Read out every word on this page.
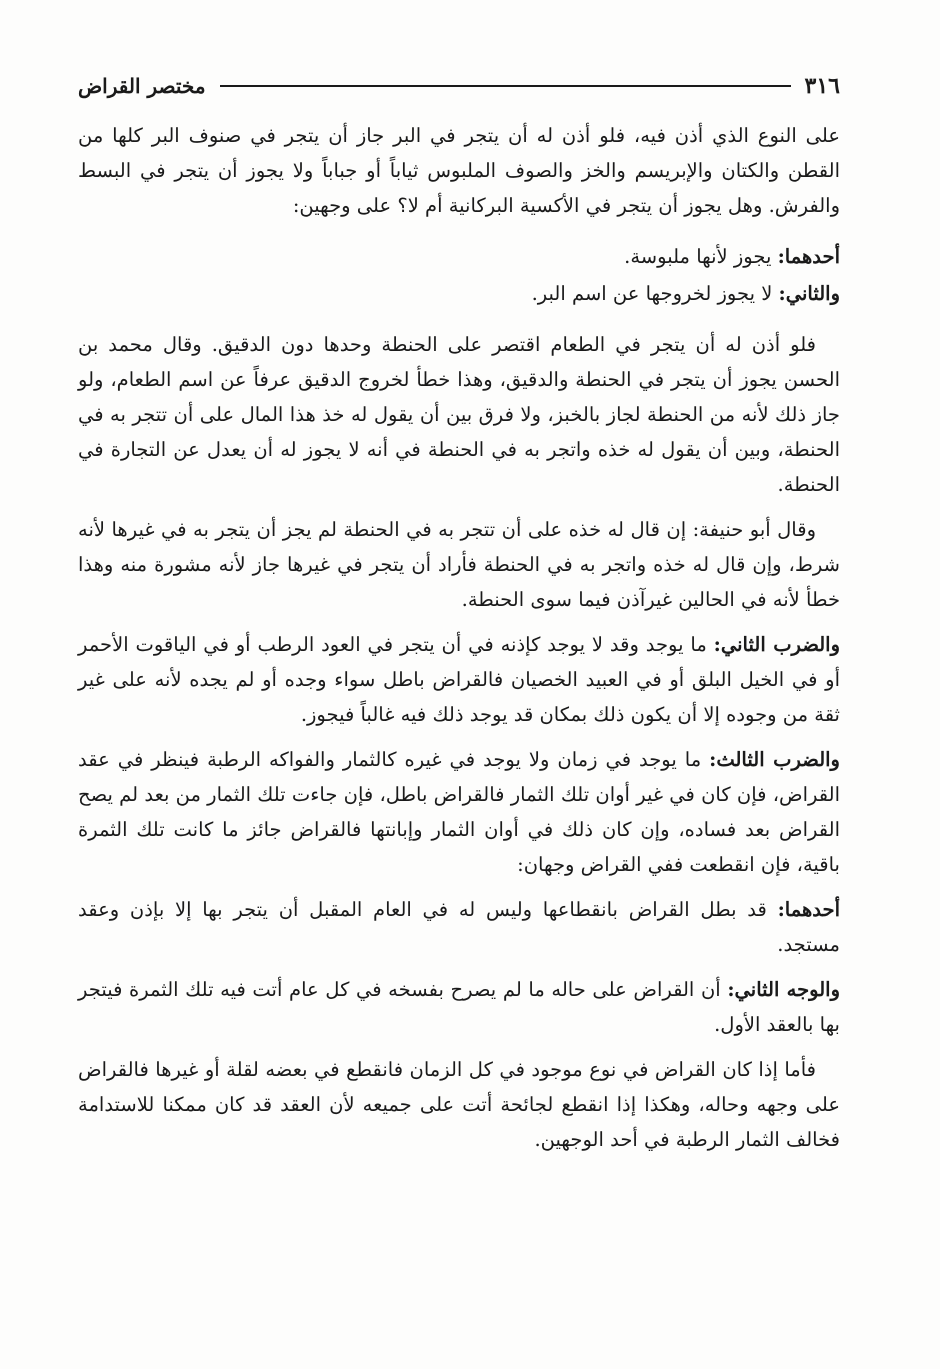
٣١٦
مختصر القراض

على النوع الذي أذن فيه، فلو أذن له أن يتجر في البر جاز أن يتجر في صنوف البر كلها من القطن والكتان والإبريسم والخز والصوف الملبوس ثياباً أو جباباً ولا يجوز أن يتجر في البسط والفرش. وهل يجوز أن يتجر في الأكسية البركانية أم لا؟ على وجهين:

أحدهما: يجوز لأنها ملبوسة.

والثاني: لا يجوز لخروجها عن اسم البر.

فلو أذن له أن يتجر في الطعام اقتصر على الحنطة وحدها دون الدقيق. وقال محمد بن الحسن يجوز أن يتجر في الحنطة والدقيق، وهذا خطأ لخروج الدقيق عرفاً عن اسم الطعام، ولو جاز ذلك لأنه من الحنطة لجاز بالخبز، ولا فرق بين أن يقول له خذ هذا المال على أن تتجر به في الحنطة، وبين أن يقول له خذه واتجر به في الحنطة في أنه لا يجوز له أن يعدل عن التجارة في الحنطة.

وقال أبو حنيفة: إن قال له خذه على أن تتجر به في الحنطة لم يجز أن يتجر به في غيرها لأنه شرط، وإن قال له خذه واتجر به في الحنطة فأراد أن يتجر في غيرها جاز لأنه مشورة منه وهذا خطأ لأنه في الحالين غيرآذن فيما سوى الحنطة.

والضرب الثاني: ما يوجد وقد لا يوجد كإذنه في أن يتجر في العود الرطب أو في الياقوت الأحمر أو في الخيل البلق أو في العبيد الخصيان فالقراض باطل سواء وجده أو لم يجده لأنه على غير ثقة من وجوده إلا أن يكون ذلك بمكان قد يوجد ذلك فيه غالباً فيجوز.

والضرب الثالث: ما يوجد في زمان ولا يوجد في غيره كالثمار والفواكه الرطبة فينظر في عقد القراض، فإن كان في غير أوان تلك الثمار فالقراض باطل، فإن جاءت تلك الثمار من بعد لم يصح القراض بعد فساده، وإن كان ذلك في أوان الثمار وإبانتها فالقراض جائز ما كانت تلك الثمرة باقية، فإن انقطعت ففي القراض وجهان:

أحدهما: قد بطل القراض بانقطاعها وليس له في العام المقبل أن يتجر بها إلا بإذن وعقد مستجد.

والوجه الثاني: أن القراض على حاله ما لم يصرح بفسخه في كل عام أتت فيه تلك الثمرة فيتجر بها بالعقد الأول.

فأما إذا كان القراض في نوع موجود في كل الزمان فانقطع في بعضه لقلة أو غيرها فالقراض على وجهه وحاله، وهكذا إذا انقطع لجائحة أتت على جميعه لأن العقد قد كان ممكنا للاستدامة فخالف الثمار الرطبة في أحد الوجهين.
